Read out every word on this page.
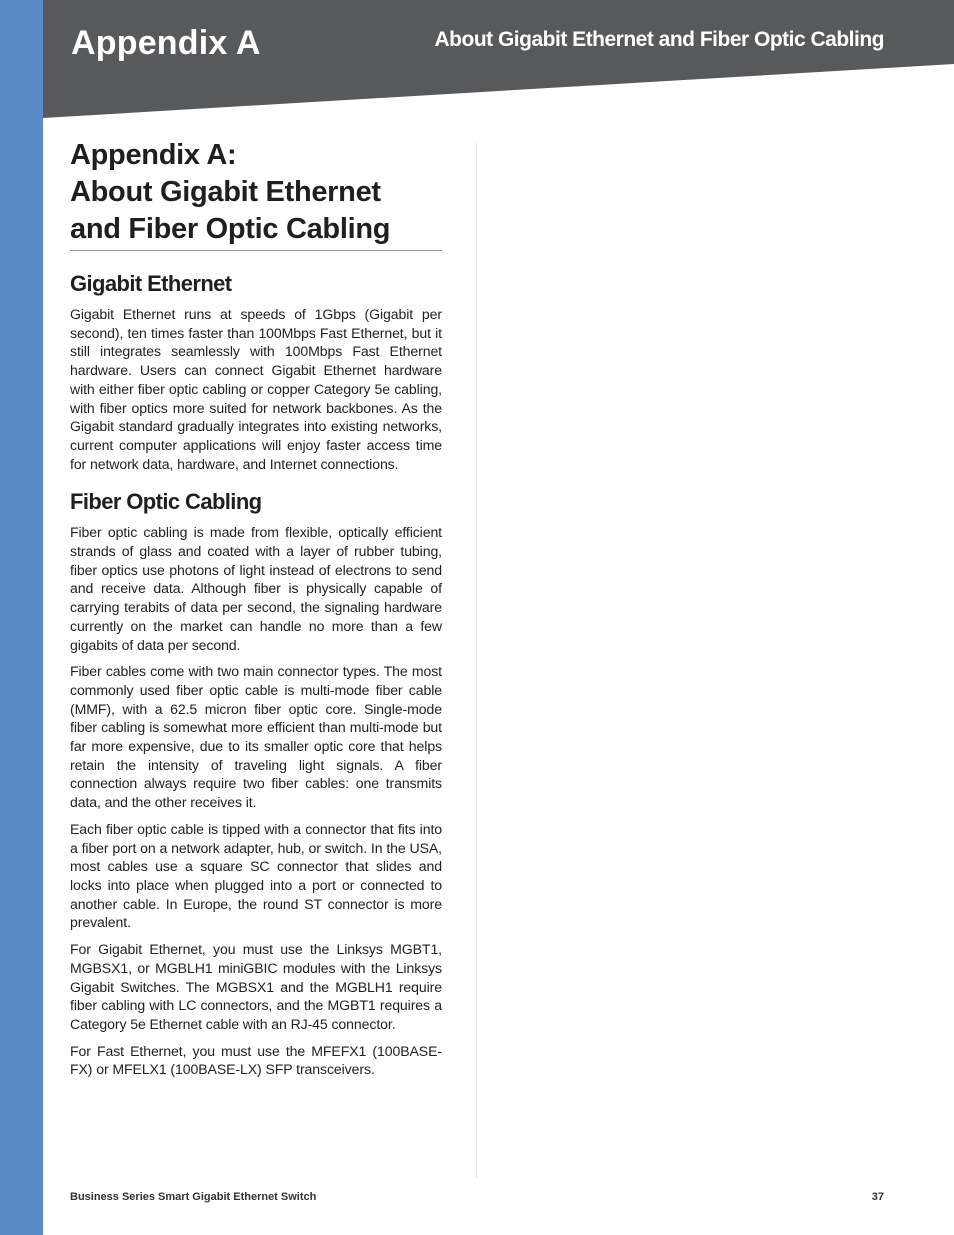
Appendix A	About Gigabit Ethernet and Fiber Optic Cabling
Appendix A:
About Gigabit Ethernet
and Fiber Optic Cabling
Gigabit Ethernet

Gigabit Ethernet runs at speeds of 1Gbps (Gigabit per second), ten times faster than 100Mbps Fast Ethernet, but it still integrates seamlessly with 100Mbps Fast Ethernet hardware. Users can connect Gigabit Ethernet hardware with either fiber optic cabling or copper Category 5e cabling, with fiber optics more suited for network backbones. As the Gigabit standard gradually integrates into existing networks, current computer applications will enjoy faster access time for network data, hardware, and Internet connections.

Fiber Optic Cabling

Fiber optic cabling is made from flexible, optically efficient strands of glass and coated with a layer of rubber tubing, fiber optics use photons of light instead of electrons to send and receive data. Although fiber is physically capable of carrying terabits of data per second, the signaling hardware currently on the market can handle no more than a few gigabits of data per second.

Fiber cables come with two main connector types. The most commonly used fiber optic cable is multi-mode fiber cable (MMF), with a 62.5 micron fiber optic core. Single-mode fiber cabling is somewhat more efficient than multi-mode but far more expensive, due to its smaller optic core that helps retain the intensity of traveling light signals. A fiber connection always require two fiber cables: one transmits data, and the other receives it.

Each fiber optic cable is tipped with a connector that fits into a fiber port on a network adapter, hub, or switch. In the USA, most cables use a square SC connector that slides and locks into place when plugged into a port or connected to another cable. In Europe, the round ST connector is more prevalent.

For Gigabit Ethernet, you must use the Linksys MGBT1, MGBSX1, or MGBLH1 miniGBIC modules with the Linksys Gigabit Switches. The MGBSX1 and the MGBLH1 require fiber cabling with LC connectors, and the MGBT1 requires a Category 5e Ethernet cable with an RJ-45 connector.

For Fast Ethernet, you must use the MFEFX1 (100BASE-FX) or MFELX1 (100BASE-LX) SFP transceivers.

Business Series Smart Gigabit Ethernet Switch	37
